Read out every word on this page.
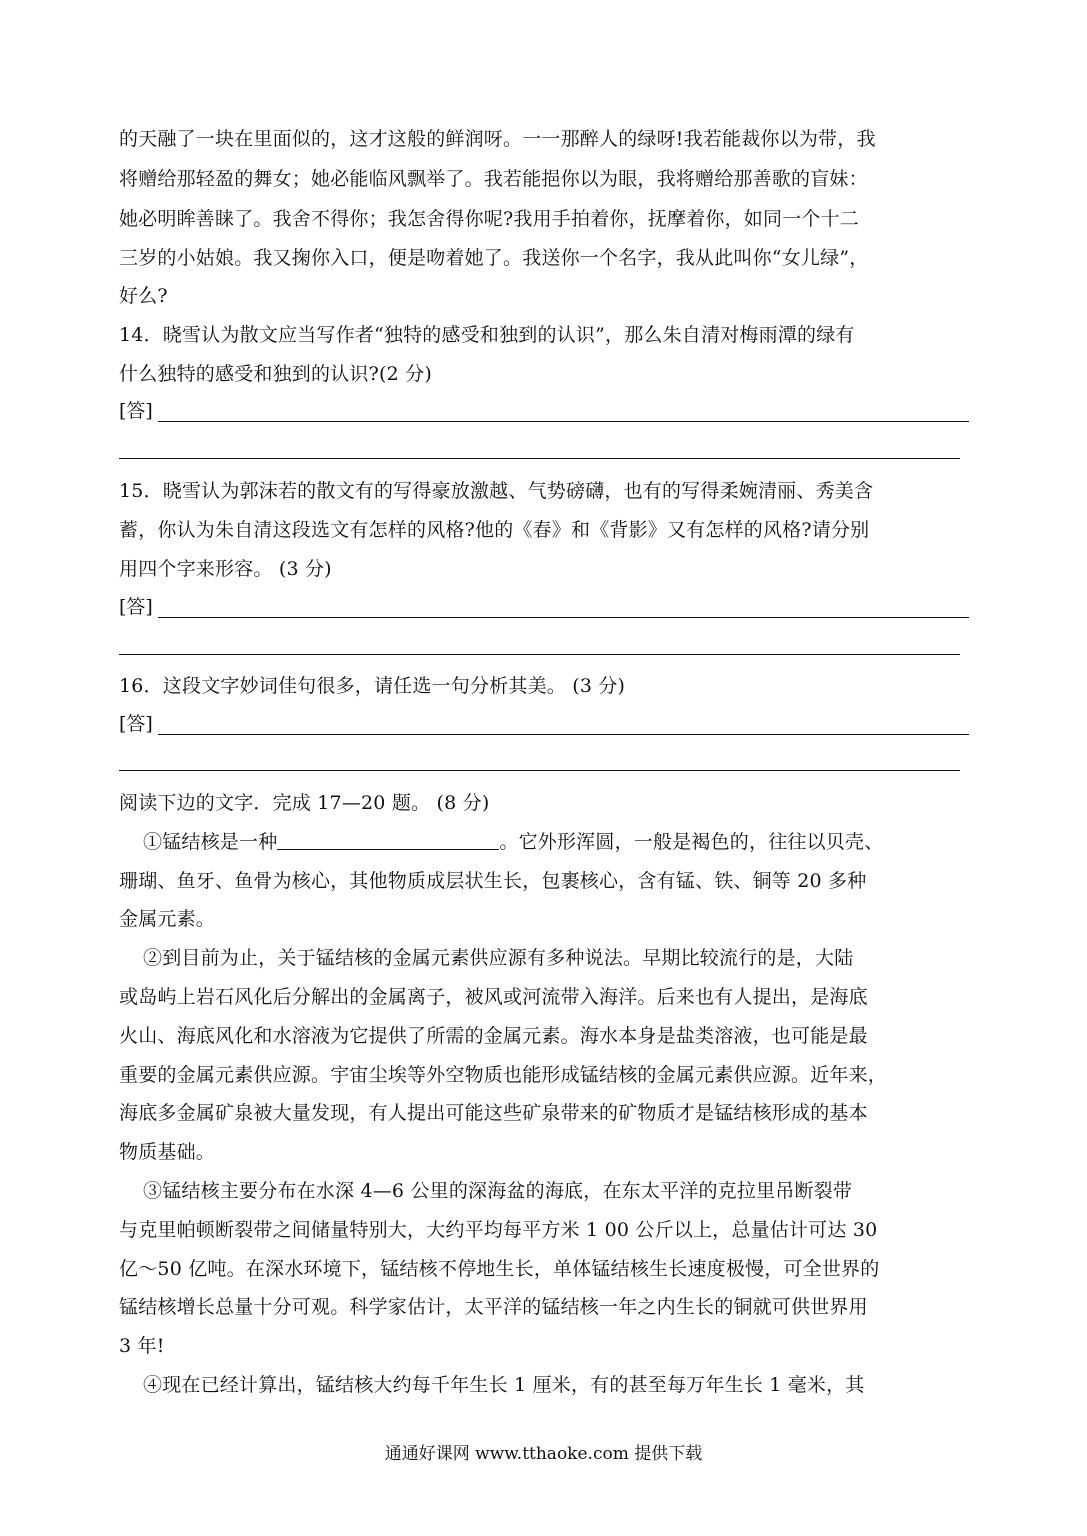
的天融了一块在里面似的，这才这般的鲜润呀。一一那醉人的绿呀!我若能裁你以为带，我
将赠给那轻盈的舞女；她必能临风飘举了。我若能挹你以为眼，我将赠给那善歌的盲妹：
她必明眸善睐了。我舍不得你；我怎舍得你呢?我用手拍着你，抚摩着你，如同一个十二
三岁的小姑娘。我又掬你入口，便是吻着她了。我送你一个名字，我从此叫你“女儿绿”，
好么?
14．晓雪认为散文应当写作者“独特的感受和独到的认识”，那么朱自清对梅雨潭的绿有
什么独特的感受和独到的认识?(2 分)
[答]
15．晓雪认为郭沫若的散文有的写得豪放激越、气势磅礴，也有的写得柔婉清丽、秀美含
蓄，你认为朱自清这段选文有怎样的风格?他的《春》和《背影》又有怎样的风格?请分别
用四个字来形容。 (3 分)
[答]
16．这段文字妙词佳句很多，请任选一句分析其美。 (3 分)
[答]
阅读下边的文字．完成 17—20 题。 (8 分)
①锰结核是一种	。它外形浑圆，一般是褐色的，往往以贝壳、
珊瑚、鱼牙、鱼骨为核心，其他物质成层状生长，包裹核心，含有锰、铁、铜等 20 多种
金属元素。
②到目前为止，关于锰结核的金属元素供应源有多种说法。早期比较流行的是，大陆
或岛屿上岩石风化后分解出的金属离子，被风或河流带入海洋。后来也有人提出，是海底
火山、海底风化和水溶液为它提供了所需的金属元素。海水本身是盐类溶液，也可能是最
重要的金属元素供应源。宇宙尘埃等外空物质也能形成锰结核的金属元素供应源。近年来，
海底多金属矿泉被大量发现，有人提出可能这些矿泉带来的矿物质才是锰结核形成的基本
物质基础。
③锰结核主要分布在水深 4—6 公里的深海盆的海底，在东太平洋的克拉里吊断裂带
与克里帕顿断裂带之间储量特别大，大约平均每平方米 1 00 公斤以上，总量估计可达 30
亿～50 亿吨。在深水环境下，锰结核不停地生长，单体锰结核生长速度极慢，可全世界的
锰结核增长总量十分可观。科学家估计，太平洋的锰结核一年之内生长的铜就可供世界用
3 年!
④现在已经计算出，锰结核大约每千年生长 1 厘米，有的甚至每万年生长 1 毫米，其
通通好课网 www.tthaoke.com 提供下载
